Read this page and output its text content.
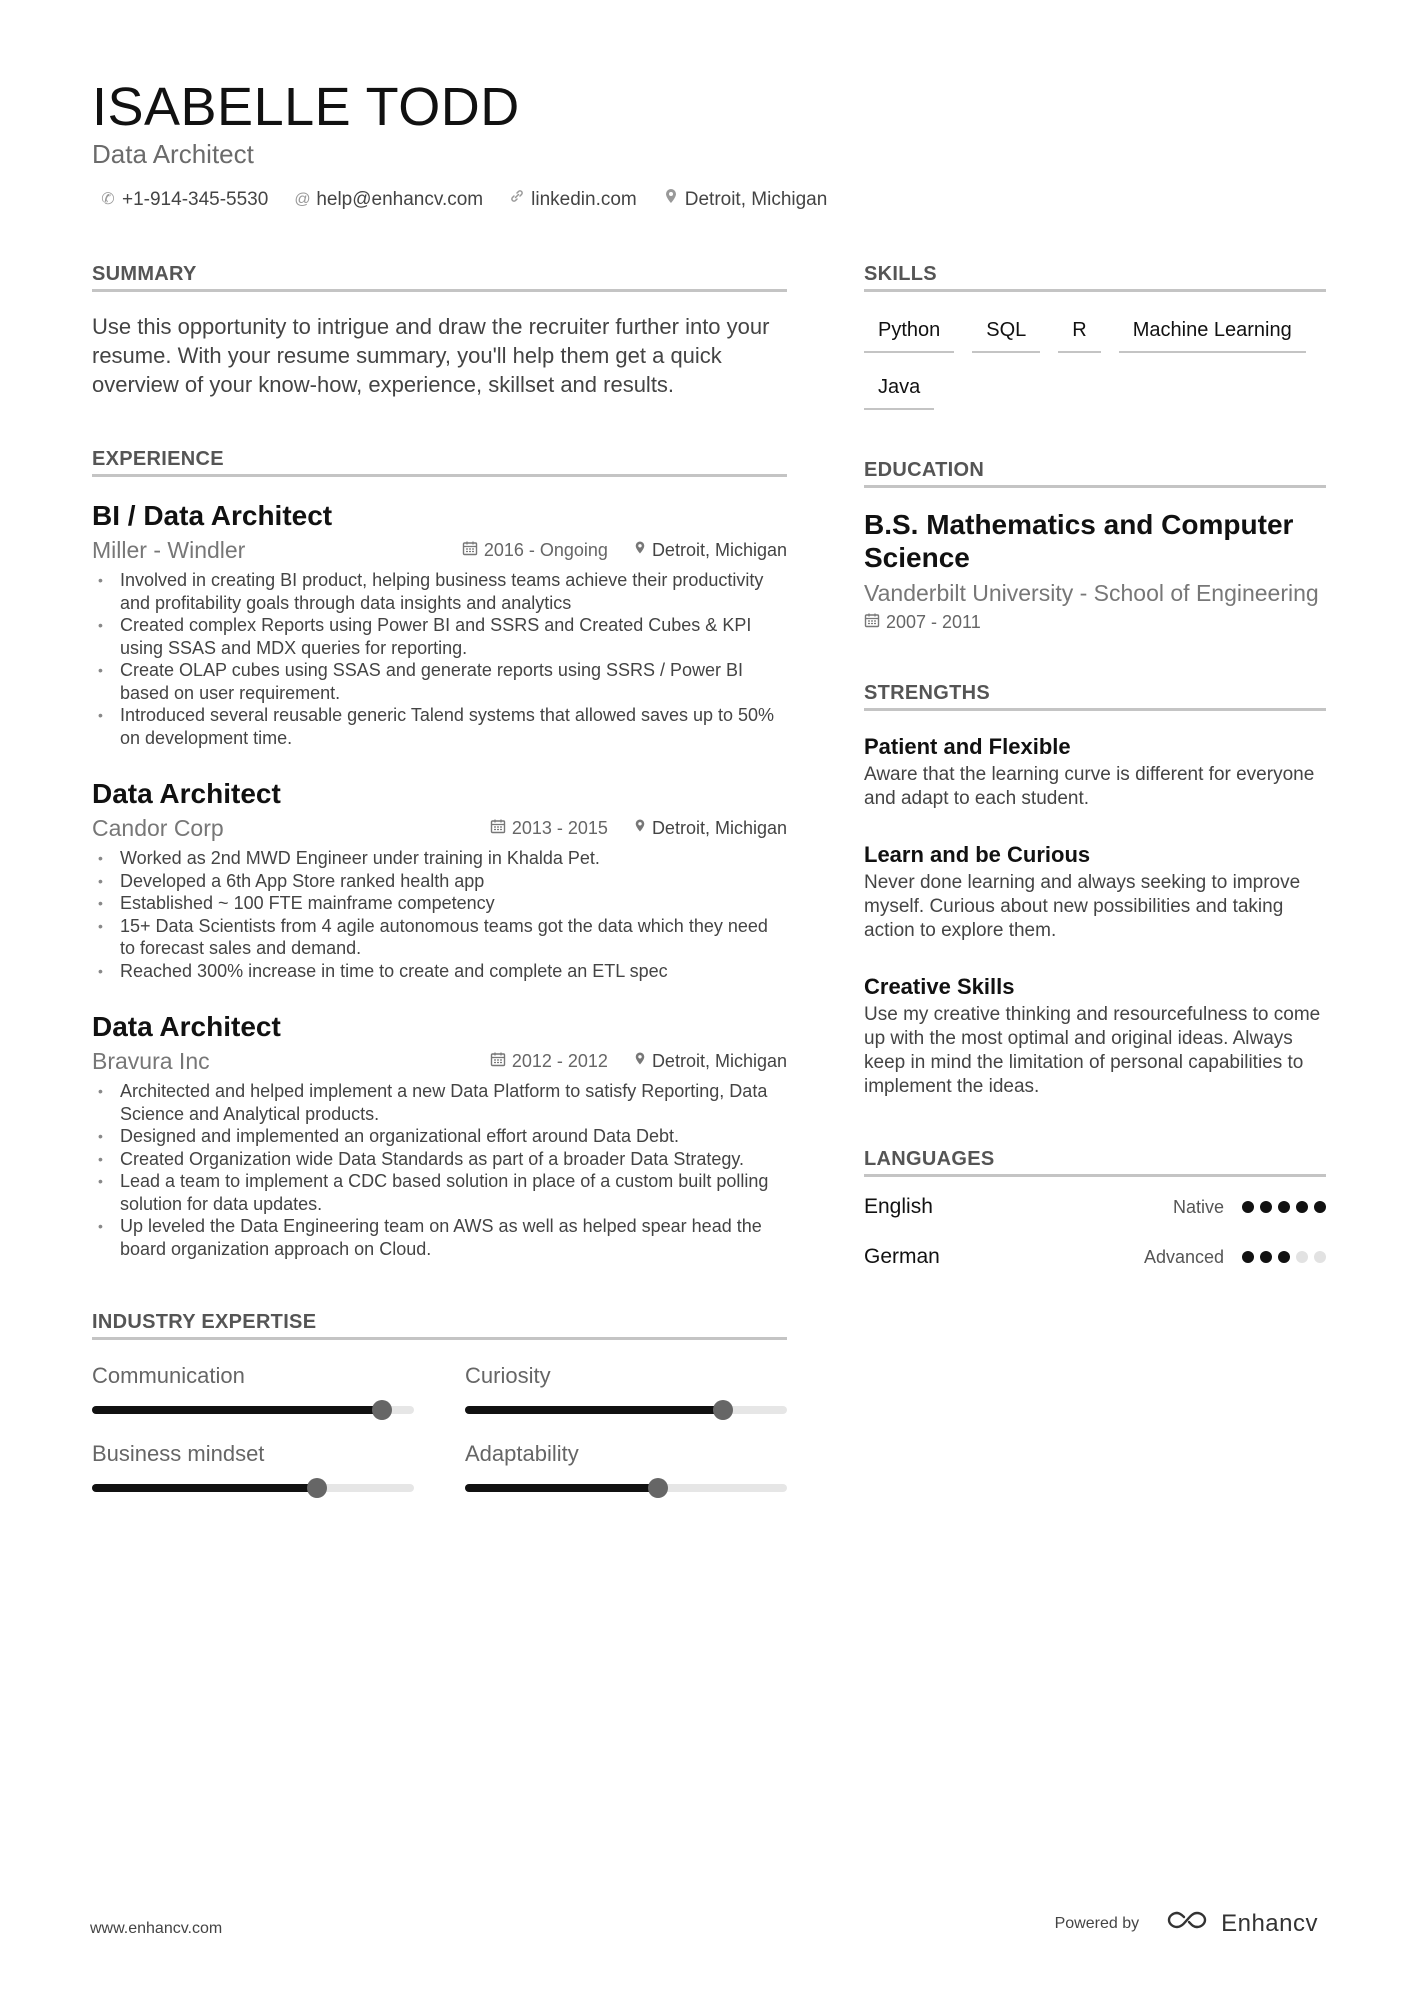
ISABELLE TODD
Data Architect
✆ +1-914-345-5530 @ help@enhancv.com	linkedin.com	Detroit, Michigan
SUMMARY

Use this opportunity to intrigue and draw the recruiter further into your resume. With your resume summary, you'll help them get a quick overview of your know-how, experience, skillset and results.

EXPERIENCE
BI / Data Architect
Miller - Windler	2016 - Ongoing Detroit, Michigan
• Involved in creating BI product, helping business teams achieve their productivity and profitability goals through data insights and analytics
• Created complex Reports using Power BI and SSRS and Created Cubes & KPI using SSAS and MDX queries for reporting.
• Create OLAP cubes using SSAS and generate reports using SSRS / Power BI based on user requirement.
• Introduced several reusable generic Talend systems that allowed saves up to 50% on development time.
Data Architect
Candor Corp	2013 - 2015 Detroit, Michigan
• Worked as 2nd MWD Engineer under training in Khalda Pet.
• Developed a 6th App Store ranked health app
• Established ~ 100 FTE mainframe competency
• 15+ Data Scientists from 4 agile autonomous teams got the data which they need to forecast sales and demand.
• Reached 300% increase in time to create and complete an ETL spec
Data Architect
Bravura Inc	2012 - 2012 Detroit, Michigan
• Architected and helped implement a new Data Platform to satisfy Reporting, Data Science and Analytical products.
• Designed and implemented an organizational effort around Data Debt.
• Created Organization wide Data Standards as part of a broader Data Strategy.
• Lead a team to implement a CDC based solution in place of a custom built polling solution for data updates.
• Up leveled the Data Engineering team on AWS as well as helped spear head the board organization approach on Cloud.
INDUSTRY EXPERTISE
Communication	Curiosity
Business mindset	Adaptability
SKILLS
Python	SQL	R	Machine Learning
Java
EDUCATION
B.S. Mathematics and Computer Science
Vanderbilt University - School of Engineering
2007 - 2011
STRENGTHS
Patient and Flexible

Aware that the learning curve is different for everyone and adapt to each student.

Learn and be Curious

Never done learning and always seeking to improve myself. Curious about new possibilities and taking action to explore them.

Creative Skills

Use my creative thinking and resourcefulness to come up with the most optimal and original ideas. Always keep in mind the limitation of personal capabilities to implement the ideas.

LANGUAGES
English	Native
German	Advanced
www.enhancv.com	Powered by	Enhancv
